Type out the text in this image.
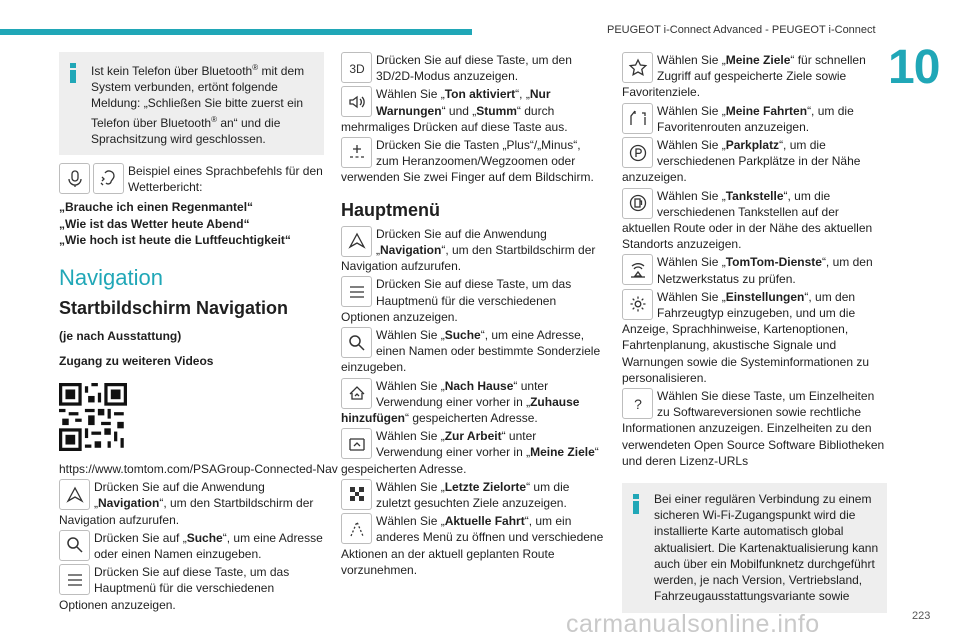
PEUGEOT i-Connect Advanced - PEUGEOT i-Connect
10
Ist kein Telefon über Bluetooth® mit dem System verbunden, ertönt folgende Meldung: „Schließen Sie bitte zuerst ein Telefon über Bluetooth® an“ und die Sprachsitzung wird geschlossen.
Beispiel eines Sprachbefehls für den Wetterbericht:
„Brauche ich einen Regenmantel“
„Wie ist das Wetter heute Abend“
„Wie hoch ist heute die Luftfeuchtigkeit“
Navigation
Startbildschirm Navigation
(je nach Ausstattung)
Zugang zu weiteren Videos
https://www.tomtom.com/PSAGroup-Connected-Nav
Drücken Sie auf die Anwendung „Navigation“, um den Startbildschirm der Navigation aufzurufen.
Drücken Sie auf „Suche“, um eine Adresse oder einen Namen einzugeben.
Drücken Sie auf diese Taste, um das Hauptmenü für die verschiedenen Optionen anzuzeigen.
3D
Drücken Sie auf diese Taste, um den 3D/2D-Modus anzuzeigen.
Wählen Sie „Ton aktiviert“, „Nur Warnungen“ und „Stumm“ durch mehrmaliges Drücken auf diese Taste aus.
Drücken Sie die Tasten „Plus“/„Minus“, zum Heranzoomen/Wegzoomen oder verwenden Sie zwei Finger auf dem Bildschirm.
Hauptmenü
Drücken Sie auf die Anwendung „Navigation“, um den Startbildschirm der Navigation aufzurufen.
Drücken Sie auf diese Taste, um das Hauptmenü für die verschiedenen Optionen anzuzeigen.
Wählen Sie „Suche“, um eine Adresse, einen Namen oder bestimmte Sonderziele einzugeben.
Wählen Sie „Nach Hause“ unter Verwendung einer vorher in „Zuhause hinzufügen“ gespeicherten Adresse.
Wählen Sie „Zur Arbeit“ unter Verwendung einer vorher in „Meine Ziele“ gespeicherten Adresse.
Wählen Sie „Letzte Zielorte“ um die zuletzt gesuchten Ziele anzuzeigen.
Wählen Sie „Aktuelle Fahrt“, um ein anderes Menü zu öffnen und verschiedene Aktionen an der aktuell geplanten Route vorzunehmen.
Wählen Sie „Meine Ziele“ für schnellen Zugriff auf gespeicherte Ziele sowie Favoritenziele.
Wählen Sie „Meine Fahrten“, um die Favoritenrouten anzuzeigen.
Wählen Sie „Parkplatz“, um die verschiedenen Parkplätze in der Nähe anzuzeigen.
Wählen Sie „Tankstelle“, um die verschiedenen Tankstellen auf der aktuellen Route oder in der Nähe des aktuellen Standorts anzuzeigen.
Wählen Sie „TomTom-Dienste“, um den Netzwerkstatus zu prüfen.
Wählen Sie „Einstellungen“, um den Fahrzeugtyp einzugeben, und um die Anzeige, Sprachhinweise, Kartenoptionen, Fahrtenplanung, akustische Signale und Warnungen sowie die Systeminformationen zu personalisieren.
? Wählen Sie diese Taste, um Einzelheiten zu Softwareversionen sowie rechtliche Informationen anzuzeigen. Einzelheiten zu den verwendeten Open Source Software Bibliotheken und deren Lizenz-URLs
Bei einer regulären Verbindung zu einem sicheren Wi-Fi-Zugangspunkt wird die installierte Karte automatisch global aktualisiert. Die Kartenaktualisierung kann auch über ein Mobilfunknetz durchgeführt werden, je nach Version, Vertriebsland, Fahrzeugausstattungsvariante sowie
carmanualsonline.info	223
